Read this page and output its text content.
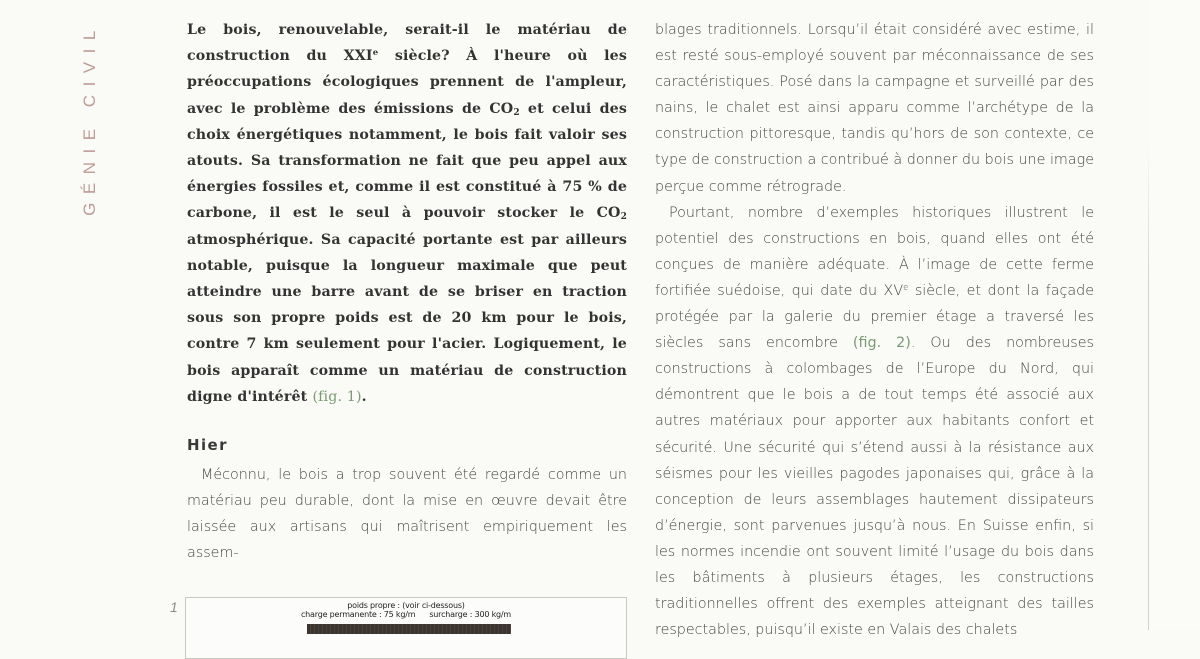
GÉNIE CIVIL	Le bois, renouvelable, serait-il le matériau de construction du XXIe siècle? À l'heure où les préoccupations écologiques prennent de l'ampleur, avec le problème des émissions de $CO_2$ et celui des choix énergétiques notamment, le bois fait valoir ses atouts. Sa transformation ne fait que peu appel aux énergies fossiles et, comme il est constitué à 75 % de carbone, il est le seul à pouvoir stocker le $CO_2$ atmosphérique. Sa capacité portante est par ailleurs notable, puisque la longueur maximale que peut atteindre une barre avant de se briser en traction sous son propre poids est de 20 km pour le bois, contre 7 km seulement pour l'acier. Logiquement, le bois apparaît comme un matériau de construction digne d'intérêt (fig. 1).

Hier

Méconnu, le bois a trop souvent été regardé comme un matériau peu durable, dont la mise en œuvre devait être laissée aux artisans qui maîtrisent empiriquement les assem-

blages traditionnels. Lorsqu’il était considéré avec estime, il est resté sous-employé souvent par méconnaissance de ses caractéristiques. Posé dans la campagne et surveillé par des nains, le chalet est ainsi apparu comme l’archétype de la construction pittoresque, tandis qu’hors de son contexte, ce type de construction a contribué à donner du bois une image perçue comme rétrograde.

Pourtant, nombre d’exemples historiques illustrent le potentiel des constructions en bois, quand elles ont été conçues de manière adéquate. À l’image de cette ferme fortifiée suédoise, qui date du XVe siècle, et dont la façade protégée par la galerie du premier étage a traversé les siècles sans encombre (fig. 2). Ou des nombreuses constructions à colombages de l’Europe du Nord, qui démontrent que le bois a de tout temps été associé aux autres matériaux pour apporter aux habitants confort et sécurité. Une sécurité qui s’étend aussi à la résistance aux séismes pour les vieilles pagodes japonaises qui, grâce à la conception de leurs assemblages hautement dissipateurs d’énergie, sont parvenues jusqu’à nous. En Suisse enfin, si les normes incendie ont souvent limité l’usage du bois dans les bâtiments à plusieurs étages, les constructions traditionnelles offrent des exemples atteignant des tailles respectables, puisqu’il existe en Valais des chalets

1	poids propre : (voir ci-dessous)
charge permanente : 75 kg/m surcharge : 300 kg/m
